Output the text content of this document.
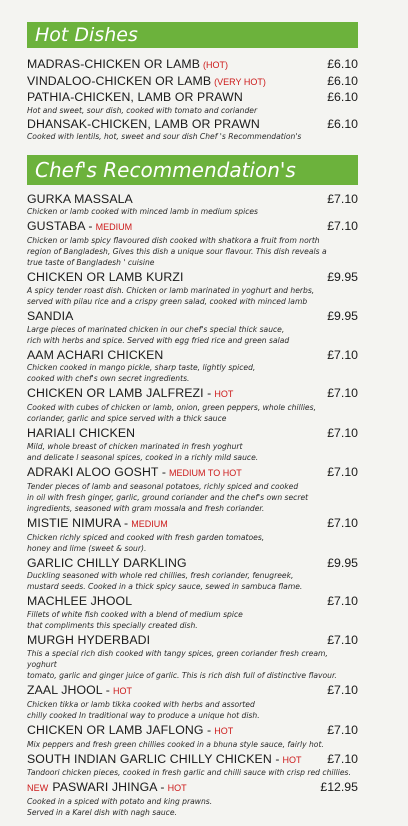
Hot Dishes
MADRAS-CHICKEN OR LAMB (HOT)	£6.10
VINDALOO-CHICKEN OR LAMB (VERY HOT)	£6.10
PATHIA-CHICKEN, LAMB OR PRAWN	£6.10
Hot and sweet, sour dish, cooked with tomato and coriander
DHANSAK-CHICKEN, LAMB OR PRAWN	£6.10
Cooked with lentils, hot, sweet and sour dish Chef 's Recommendation's
Chef's Recommendation's
GURKA MASSALA	£7.10
Chicken or lamb cooked with minced lamb in medium spices
GUSTABA - MEDIUM	£7.10
Chicken or lamb spicy flavoured dish cooked with shatkora a fruit from north
region of Bangladesh, Gives this dish a unique sour flavour. This dish reveals a
true taste of Bangladesh ' cuisine
CHICKEN OR LAMB KURZI	£9.95
A spicy tender roast dish. Chicken or lamb marinated in yoghurt and herbs,
served with pilau rice and a crispy green salad, cooked with minced lamb
SANDIA	£9.95
Large pieces of marinated chicken in our chef's special thick sauce,
rich with herbs and spice. Served with egg fried rice and green salad
AAM ACHARI CHICKEN	£7.10
Chicken cooked in mango pickle, sharp taste, lightly spiced,
cooked with chef's own secret ingredients.
CHICKEN OR LAMB JALFREZI - HOT	£7.10
Cooked with cubes of chicken or lamb, onion, green peppers, whole chillies,
coriander, garlic and spice served with a thick sauce
HARIALI CHICKEN	£7.10
Mild, whole breast of chicken marinated in fresh yoghurt
and delicate l seasonal spices, cooked in a richly mild sauce.
ADRAKI ALOO GOSHT - MEDIUM TO HOT	£7.10
Tender pieces of lamb and seasonal potatoes, richly spiced and cooked
in oil with fresh ginger, garlic, ground coriander and the chef's own secret
ingredients, seasoned with gram mossala and fresh coriander.
MISTIE NIMURA - MEDIUM	£7.10
Chicken richly spiced and cooked with fresh garden tomatoes,
honey and lime (sweet & sour).
GARLIC CHILLY DARKLING	£9.95
Duckling seasoned with whole red chillies, fresh coriander, fenugreek,
mustard seeds. Cooked in a thick spicy sauce, sewed in sambuca flame.
MACHLEE JHOOL	£7.10
Fillets of white fish cooked with a blend of medium spice
that compliments this specially created dish.
MURGH HYDERBADI	£7.10
This a special rich dish cooked with tangy spices, green coriander fresh cream, yoghurt
tomato, garlic and ginger juice of garlic. This is rich dish full of distinctive flavour.
ZAAL JHOOL - HOT	£7.10
Chicken tikka or lamb tikka cooked with herbs and assorted
chilly cooked In traditional way to produce a unique hot dish.
CHICKEN OR LAMB JAFLONG - HOT	£7.10
Mix peppers and fresh green chillies cooked in a bhuna style sauce, fairly hot.
SOUTH INDIAN GARLIC CHILLY CHICKEN - HOT £7.10
Tandoori chicken pieces, cooked in fresh garlic and chilli sauce with crisp red chillies.
NEW PASWARI JHINGA - HOT	£12.95
Cooked in a spiced with potato and king prawns.
Served in a Karel dish with nagh sauce.
